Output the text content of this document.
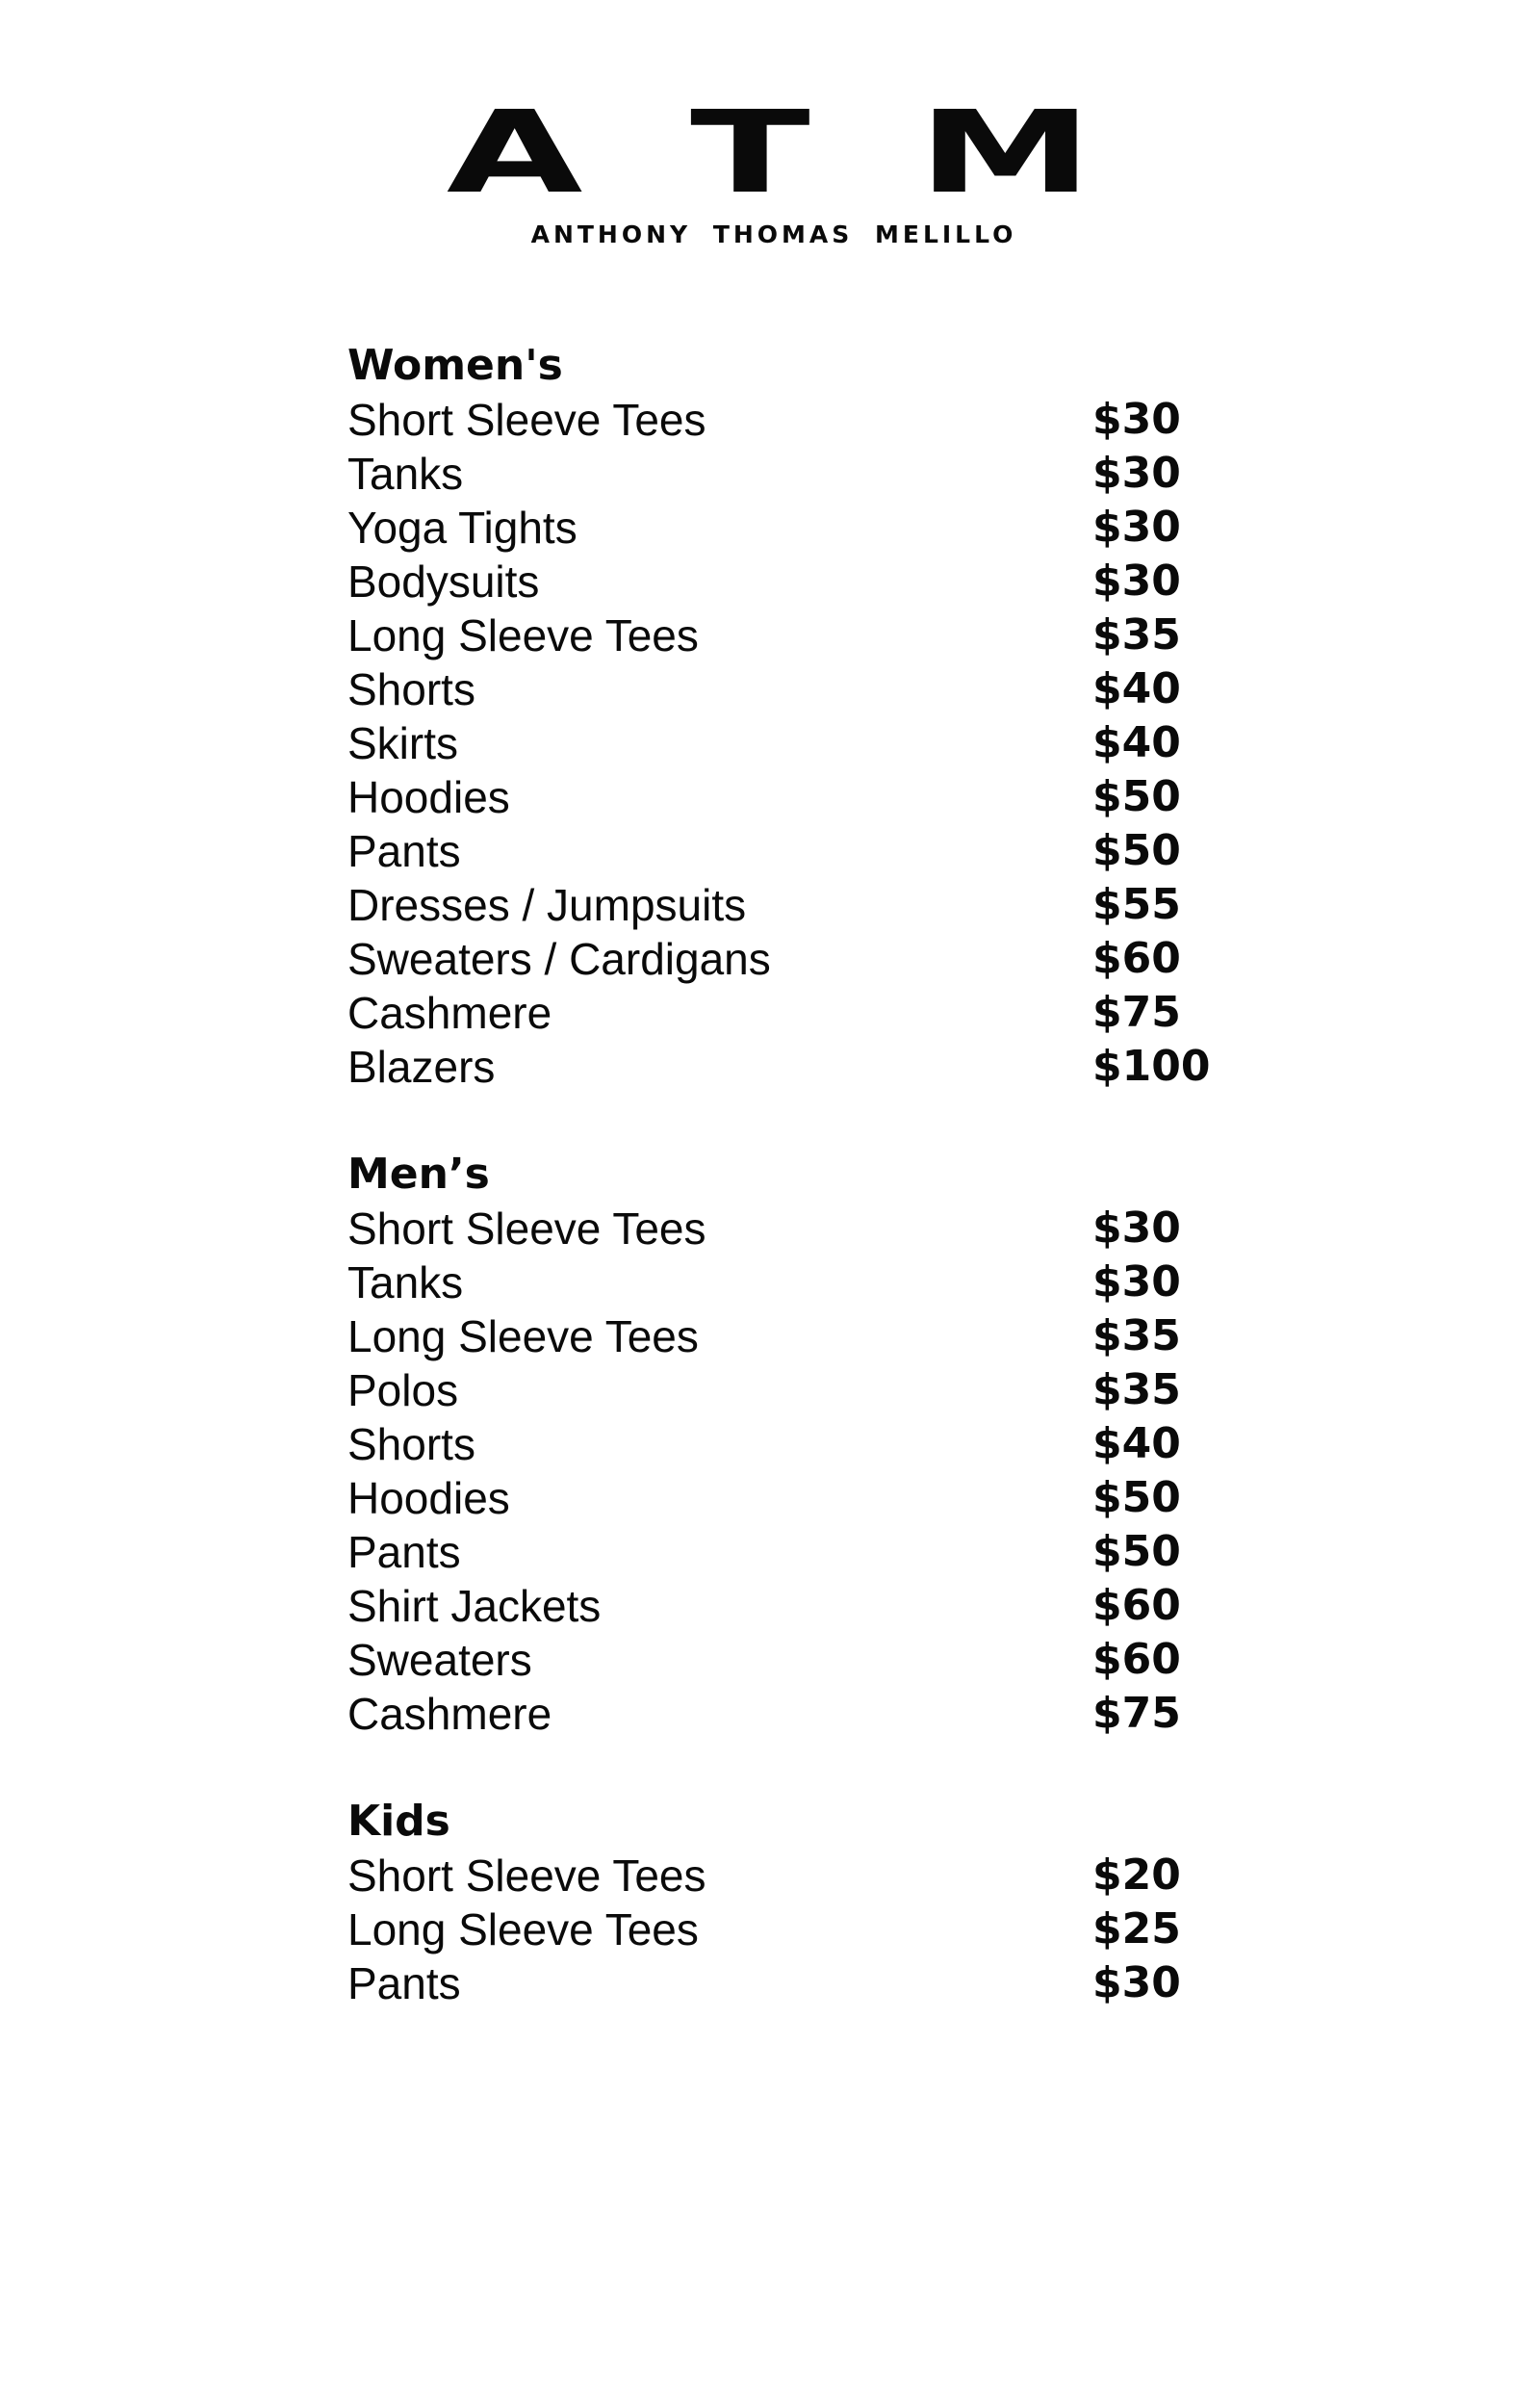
A T M
ANTHONY THOMAS MELILLO
Women's
Short Sleeve Tees	$30
Tanks	$30
Yoga Tights	$30
Bodysuits	$30
Long Sleeve Tees	$35
Shorts	$40
Skirts	$40
Hoodies	$50
Pants	$50
Dresses / Jumpsuits	$55
Sweaters / Cardigans	$60
Cashmere	$75
Blazers	$100
Men’s
Short Sleeve Tees	$30
Tanks	$30
Long Sleeve Tees	$35
Polos	$35
Shorts	$40
Hoodies	$50
Pants	$50
Shirt Jackets	$60
Sweaters	$60
Cashmere	$75
Kids
Short Sleeve Tees	$20
Long Sleeve Tees	$25
Pants	$30
